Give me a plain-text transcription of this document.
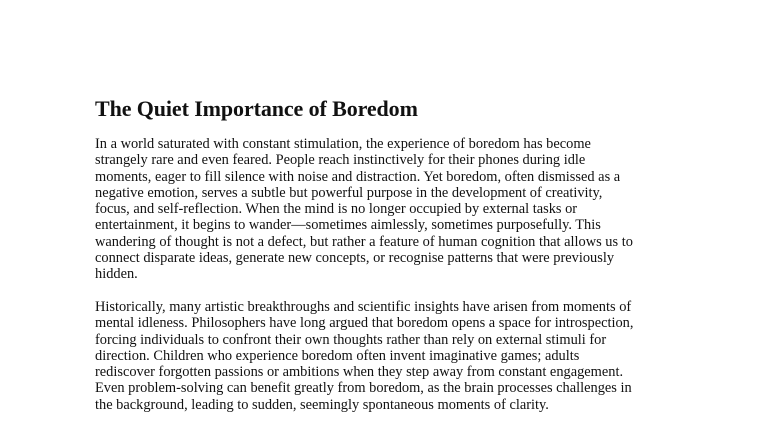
The Quiet Importance of Boredom

In a world saturated with constant stimulation, the experience of boredom has become
strangely rare and even feared. People reach instinctively for their phones during idle
moments, eager to fill silence with noise and distraction. Yet boredom, often dismissed as a
negative emotion, serves a subtle but powerful purpose in the development of creativity,
focus, and self-reflection. When the mind is no longer occupied by external tasks or
entertainment, it begins to wander—sometimes aimlessly, sometimes purposefully. This
wandering of thought is not a defect, but rather a feature of human cognition that allows us to
connect disparate ideas, generate new concepts, or recognise patterns that were previously
hidden.

Historically, many artistic breakthroughs and scientific insights have arisen from moments of
mental idleness. Philosophers have long argued that boredom opens a space for introspection,
forcing individuals to confront their own thoughts rather than rely on external stimuli for
direction. Children who experience boredom often invent imaginative games; adults
rediscover forgotten passions or ambitions when they step away from constant engagement.
Even problem-solving can benefit greatly from boredom, as the brain processes challenges in
the background, leading to sudden, seemingly spontaneous moments of clarity.
